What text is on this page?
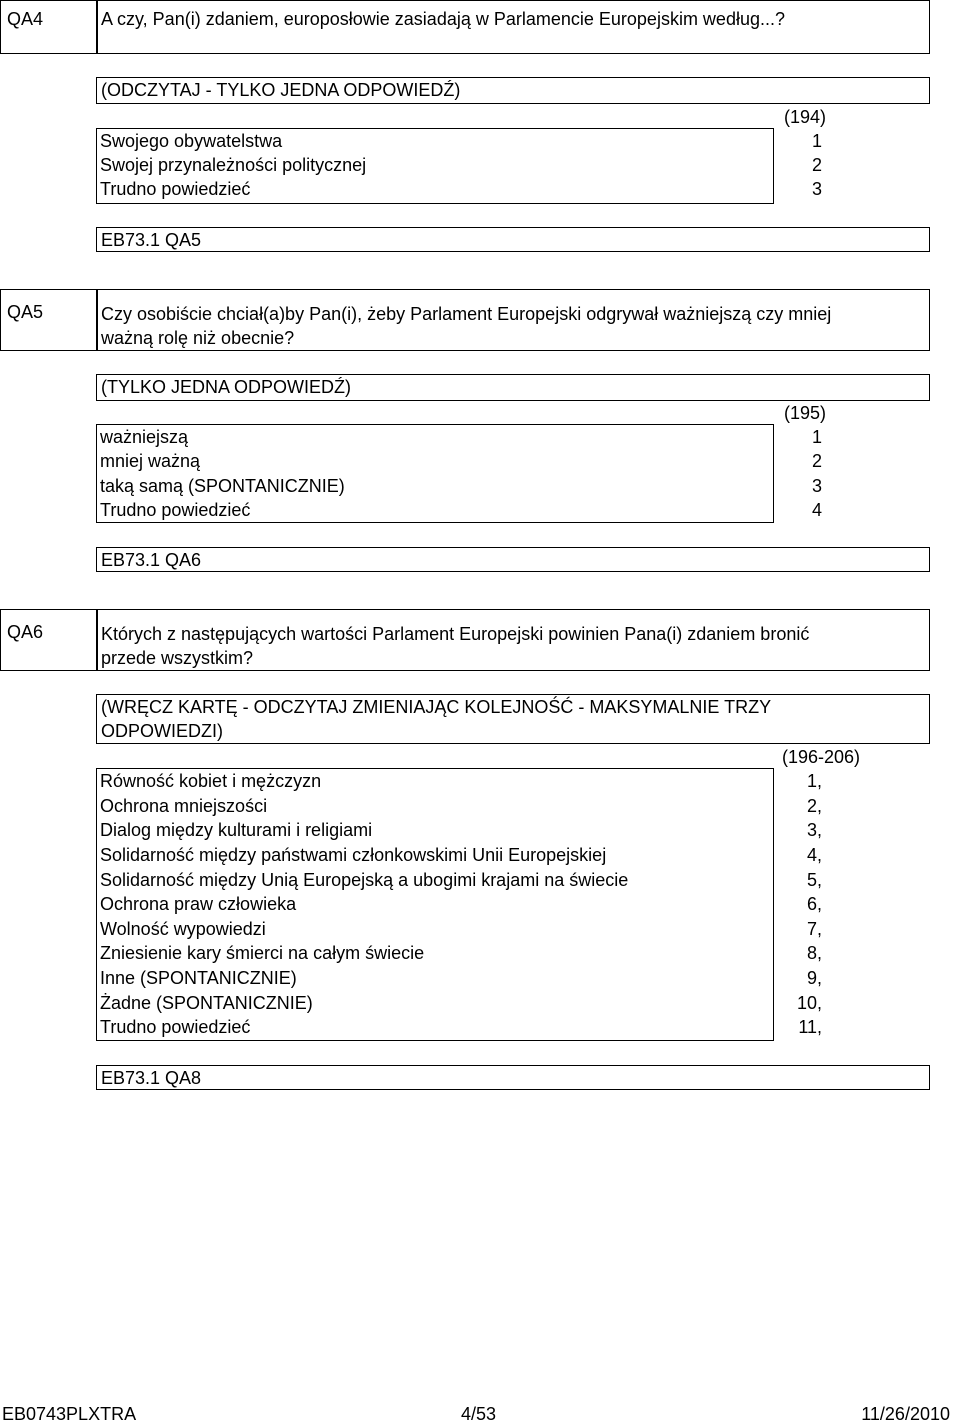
QA4	A czy, Pan(i) zdaniem, europosłowie zasiadają w Parlamencie Europejskim według...?
(ODCZYTAJ - TYLKO JEDNA ODPOWIEDŹ)
(194)
Swojego obywatelstwa	1
Swojej przynależności politycznej	2
Trudno powiedzieć	3
EB73.1 QA5
QA5	Czy osobiście chciał(a)by Pan(i), żeby Parlament Europejski odgrywał ważniejszą czy mniej
ważną rolę niż obecnie?
(TYLKO JEDNA ODPOWIEDŹ)
(195)
ważniejszą	1
mniej ważną	2
taką samą (SPONTANICZNIE)	3
Trudno powiedzieć	4
EB73.1 QA6
QA6	Których z następujących wartości Parlament Europejski powinien Pana(i) zdaniem bronić
przede wszystkim?
(WRĘCZ KARTĘ - ODCZYTAJ ZMIENIAJĄC KOLEJNOŚĆ - MAKSYMALNIE TRZY
ODPOWIEDZI)
(196-206)
Równość kobiet i mężczyzn	1,
Ochrona mniejszości	2,
Dialog między kulturami i religiami	3,
Solidarność między państwami członkowskimi Unii Europejskiej	4,
Solidarność między Unią Europejską a ubogimi krajami na świecie	5,
Ochrona praw człowieka	6,
Wolność wypowiedzi	7,
Zniesienie kary śmierci na całym świecie	8,
Inne (SPONTANICZNIE)	9,
Żadne (SPONTANICZNIE)	10,
Trudno powiedzieć	11,
EB73.1 QA8
EB0743PLXTRA	4/53	11/26/2010
